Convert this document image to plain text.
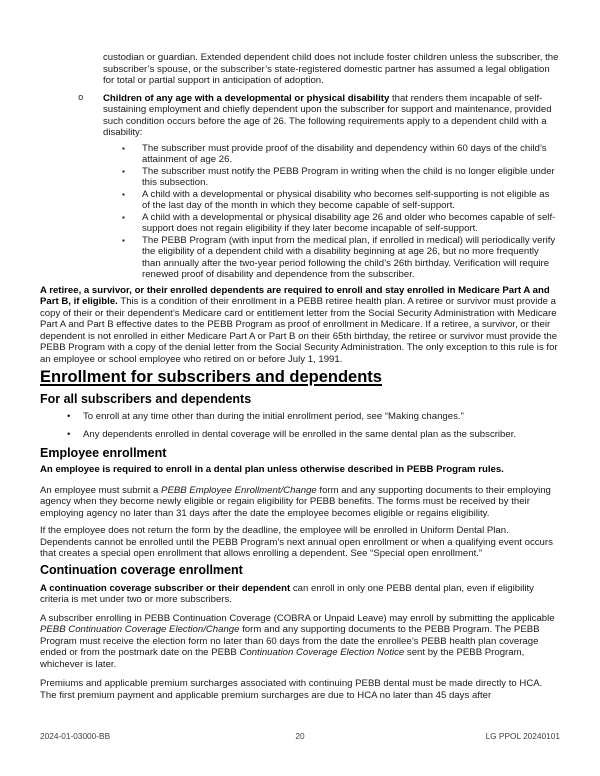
custodian or guardian. Extended dependent child does not include foster children unless the subscriber, the subscriber’s spouse, or the subscriber’s state-registered domestic partner has assumed a legal obligation for total or partial support in anticipation of adoption.

o Children of any age with a developmental or physical disability that renders them incapable of self-sustaining employment and chiefly dependent upon the subscriber for support and maintenance, provided such condition occurs before the age of 26. The following requirements apply to a dependent child with a disability:

▪ The subscriber must provide proof of the disability and dependency within 60 days of the child’s attainment of age 26.

▪ The subscriber must notify the PEBB Program in writing when the child is no longer eligible under this subsection.

▪ A child with a developmental or physical disability who becomes self-supporting is not eligible as of the last day of the month in which they become capable of self-support.

▪ A child with a developmental or physical disability age 26 and older who becomes capable of self-support does not regain eligibility if they later become incapable of self-support.

▪ The PEBB Program (with input from the medical plan, if enrolled in medical) will periodically verify the eligibility of a dependent child with a disability beginning at age 26, but no more frequently than annually after the two-year period following the child’s 26th birthday. Verification will require renewed proof of disability and dependence from the subscriber.

A retiree, a survivor, or their enrolled dependents are required to enroll and stay enrolled in Medicare Part A and Part B, if eligible. This is a condition of their enrollment in a PEBB retiree health plan. A retiree or survivor must provide a copy of their or their dependent’s Medicare card or entitlement letter from the Social Security Administration with Medicare Part A and Part B effective dates to the PEBB Program as proof of enrollment in Medicare. If a retiree, a survivor, or their dependent is not enrolled in either Medicare Part A or Part B on their 65th birthday, the retiree or survivor must provide the PEBB Program with a copy of the denial letter from the Social Security Administration. The only exception to this rule is for an employee or school employee who retired on or before July 1, 1991.

Enrollment for subscribers and dependents
For all subscribers and dependents
• To enroll at any time other than during the initial enrollment period, see “Making changes.”

• Any dependents enrolled in dental coverage will be enrolled in the same dental plan as the subscriber.

Employee enrollment

An employee is required to enroll in a dental plan unless otherwise described in PEBB Program rules.

An employee must submit a PEBB Employee Enrollment/Change form and any supporting documents to their employing agency when they become newly eligible or regain eligibility for PEBB benefits. The forms must be received by their employing agency no later than 31 days after the date the employee becomes eligible or regains eligibility.

If the employee does not return the form by the deadline, the employee will be enrolled in Uniform Dental Plan. Dependents cannot be enrolled until the PEBB Program’s next annual open enrollment or when a qualifying event occurs that creates a special open enrollment that allows enrolling a dependent. See “Special open enrollment.”

Continuation coverage enrollment

A continuation coverage subscriber or their dependent can enroll in only one PEBB dental plan, even if eligibility criteria is met under two or more subscribers.

A subscriber enrolling in PEBB Continuation Coverage (COBRA or Unpaid Leave) may enroll by submitting the applicable PEBB Continuation Coverage Election/Change form and any supporting documents to the PEBB Program. The PEBB Program must receive the election form no later than 60 days from the date the enrollee’s PEBB health plan coverage ended or from the postmark date on the PEBB Continuation Coverage Election Notice sent by the PEBB Program, whichever is later.

Premiums and applicable premium surcharges associated with continuing PEBB dental must be made directly to HCA. The first premium payment and applicable premium surcharges are due to HCA no later than 45 days after

2024-01-03000-BB	20	LG PPOL 20240101
